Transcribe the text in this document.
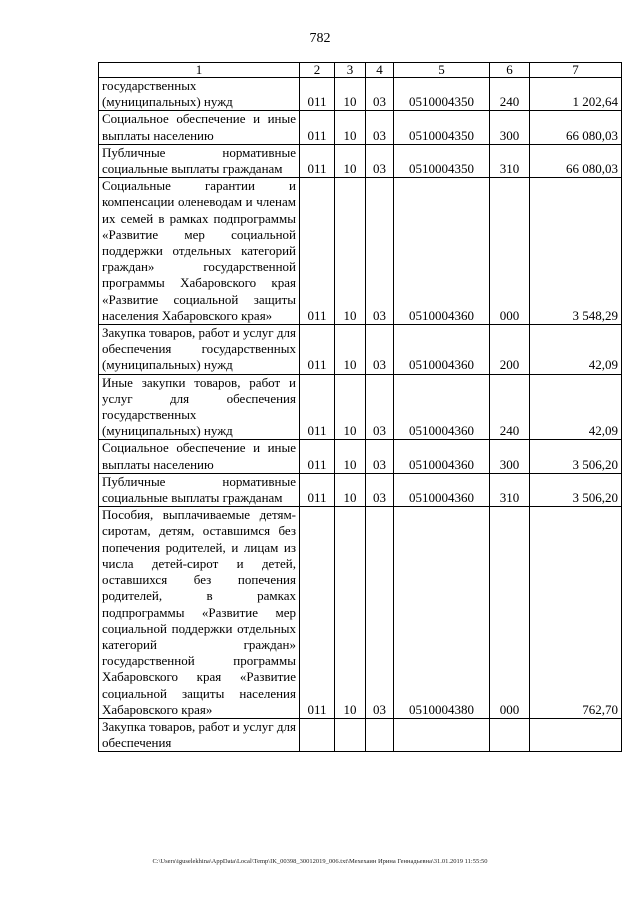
782
1	2	3	4	5	6	7
государственных (муниципальных) нужд	011	10	03	0510004350	240	1 202,64
Социальное обеспечение и иные выплаты населению	011	10	03	0510004350	300	66 080,03
Публичные нормативные социальные выплаты гражданам	011	10	03	0510004350	310	66 080,03
Социальные гарантии и компенсации оленеводам и членам их семей в рамках подпрограммы «Развитие мер социальной поддержки отдельных категорий граждан» государственной программы Хабаровского края «Развитие социальной защиты населения Хабаровского края»	011	10	03	0510004360	000	3 548,29
Закупка товаров, работ и услуг для обеспечения государственных (муниципальных) нужд	011	10	03	0510004360	200	42,09
Иные закупки товаров, работ и услуг для обеспечения государственных (муниципальных) нужд	011	10	03	0510004360	240	42,09
Социальное обеспечение и иные выплаты населению	011	10	03	0510004360	300	3 506,20
Публичные нормативные социальные выплаты гражданам	011	10	03	0510004360	310	3 506,20
Пособия, выплачиваемые детям-сиротам, детям, оставшимся без попечения родителей, и лицам из числа детей-сирот и детей, оставшихся без попечения родителей, в рамках подпрограммы «Развитие мер социальной поддержки отдельных категорий граждан» государственной программы Хабаровского края «Развитие социальной защиты населения Хабаровского края»	011	10	03	0510004380	000	762,70
Закупка товаров, работ и услуг для обеспечения						
C:\Users\iguselekhina\AppData\Local\Temp\IK_00398_30012019_006.txt\Мехехаин Ирина Геннадьевна\31.01.2019 11:55:50
